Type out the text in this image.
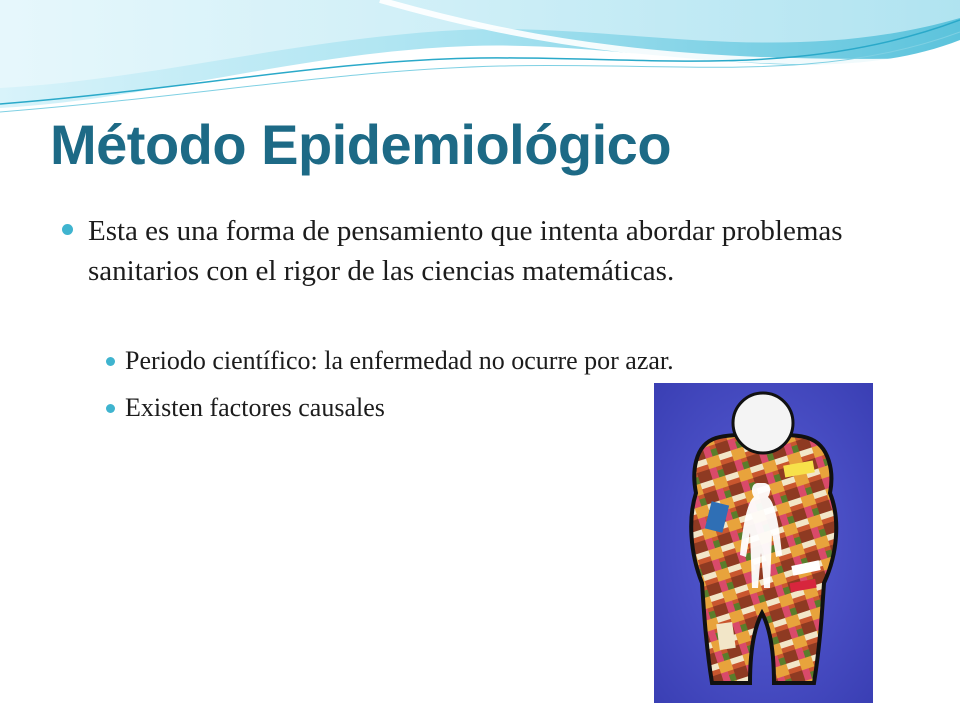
Método Epidemiológico
Esta es una forma de pensamiento que intenta abordar problemas sanitarios con el rigor de las ciencias matemáticas.
Periodo científico: la enfermedad no ocurre por azar.
Existen factores causales
